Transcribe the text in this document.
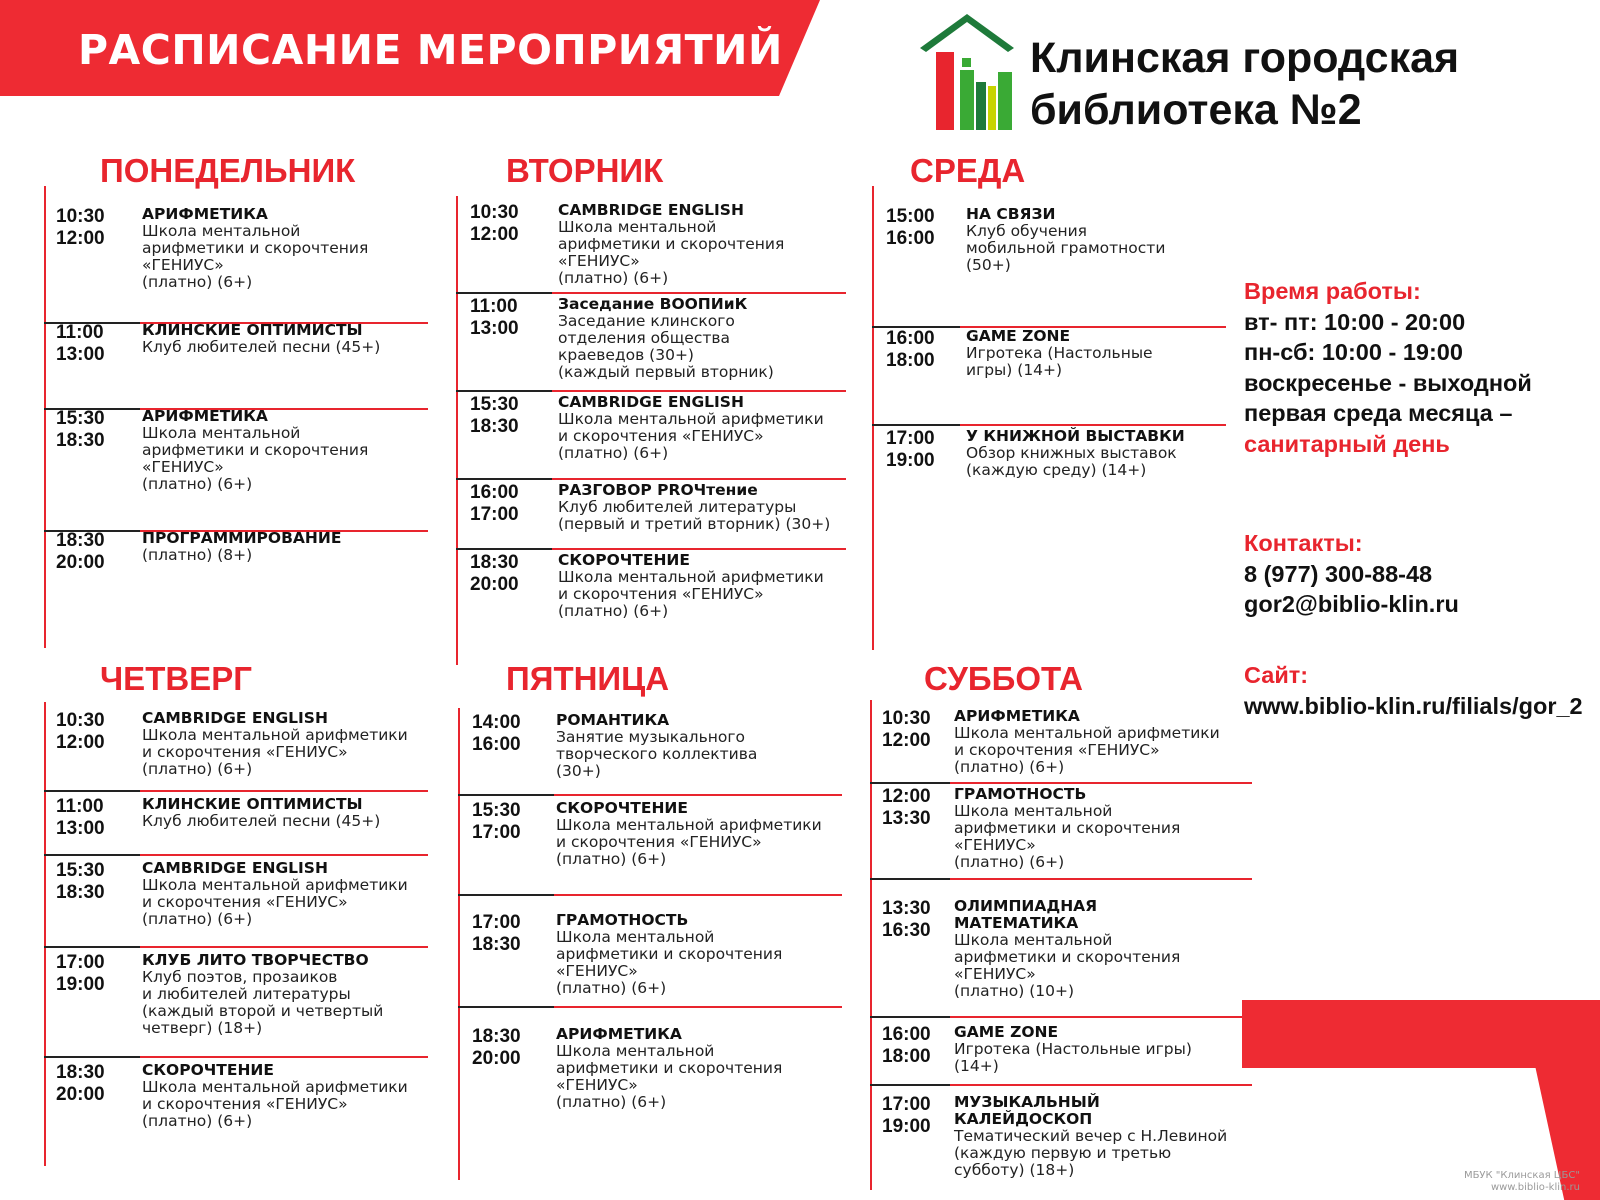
РАСПИСАНИЕ МЕРОПРИЯТИЙ	Клинская городская
библиотека №2
ПОНЕДЕЛЬНИК
10:30
12:00
АРИФМЕТИКА
Школа ментальной
арифметики и скорочтения
«ГЕНИУС»
(платно) (6+)
11:00
13:00
КЛИНСКИЕ ОПТИМИСТЫ
Клуб любителей песни (45+)
15:30
18:30
АРИФМЕТИКА
Школа ментальной
арифметики и скорочтения
«ГЕНИУС»
(платно) (6+)
18:30
20:00
ПРОГРАММИРОВАНИЕ
(платно) (8+)
ВТОРНИК
10:30
12:00
CAMBRIDGE ENGLISH
Школа ментальной
арифметики и скорочтения
«ГЕНИУС»
(платно) (6+)
11:00
13:00
Заседание ВООПИиК
Заседание клинского
отделения общества
краеведов (30+)
(каждый первый вторник)
15:30
18:30
CAMBRIDGE ENGLISH
Школа ментальной арифметики
и скорочтения «ГЕНИУС»
(платно) (6+)
16:00
17:00
РАЗГОВОР PROЧтение
Клуб любителей литературы
(первый и третий вторник) (30+)
18:30
20:00
СКОРОЧТЕНИЕ
Школа ментальной арифметики
и скорочтения «ГЕНИУС»
(платно) (6+)
СРЕДА
15:00
16:00
НА СВЯЗИ
Клуб обучения
мобильной грамотности
(50+)
16:00
18:00
GAME ZONE
Игротека (Настольные
игры) (14+)
17:00
19:00
У КНИЖНОЙ ВЫСТАВКИ
Обзор книжных выставок
(каждую среду) (14+)
ЧЕТВЕРГ
10:30
12:00
CAMBRIDGE ENGLISH
Школа ментальной арифметики
и скорочтения «ГЕНИУС»
(платно) (6+)
11:00
13:00
КЛИНСКИЕ ОПТИМИСТЫ
Клуб любителей песни (45+)
15:30
18:30
CAMBRIDGE ENGLISH
Школа ментальной арифметики
и скорочтения «ГЕНИУС»
(платно) (6+)
17:00
19:00
КЛУБ ЛИТО ТВОРЧЕСТВО
Клуб поэтов, прозаиков
и любителей литературы
(каждый второй и четвертый
четверг) (18+)
18:30
20:00
СКОРОЧТЕНИЕ
Школа ментальной арифметики
и скорочтения «ГЕНИУС»
(платно) (6+)
ПЯТНИЦА
14:00
16:00
РОМАНТИКА
Занятие музыкального
творческого коллектива
(30+)
15:30
17:00
СКОРОЧТЕНИЕ
Школа ментальной арифметики
и скорочтения «ГЕНИУС»
(платно) (6+)
17:00
18:30
ГРАМОТНОСТЬ
Школа ментальной
арифметики и скорочтения
«ГЕНИУС»
(платно) (6+)
18:30
20:00
АРИФМЕТИКА
Школа ментальной
арифметики и скорочтения
«ГЕНИУС»
(платно) (6+)
СУББОТА
10:30
12:00
АРИФМЕТИКА
Школа ментальной арифметики
и скорочтения «ГЕНИУС»
(платно) (6+)
12:00
13:30
ГРАМОТНОСТЬ
Школа ментальной
арифметики и скорочтения
«ГЕНИУС»
(платно) (6+)
13:30
16:30
ОЛИМПИАДНАЯ
МАТЕМАТИКА
Школа ментальной
арифметики и скорочтения
«ГЕНИУС»
(платно) (10+)
16:00
18:00
GAME ZONE
Игротека (Настольные игры)
(14+)
17:00
19:00
МУЗЫКАЛЬНЫЙ
КАЛЕЙДОСКОП
Тематический вечер с Н.Левиной
(каждую первую и третью
субботу) (18+)
Время работы:
вт- пт: 10:00 - 20:00
пн-сб: 10:00 - 19:00
воскресенье - выходной
первая среда месяца –
санитарный день
Контакты:
8 (977) 300-88-48
gor2@biblio-klin.ru
Сайт:
www.biblio-klin.ru/filials/gor_2
МБУК "Клинская ЦБС"
www.biblio-klin.ru
